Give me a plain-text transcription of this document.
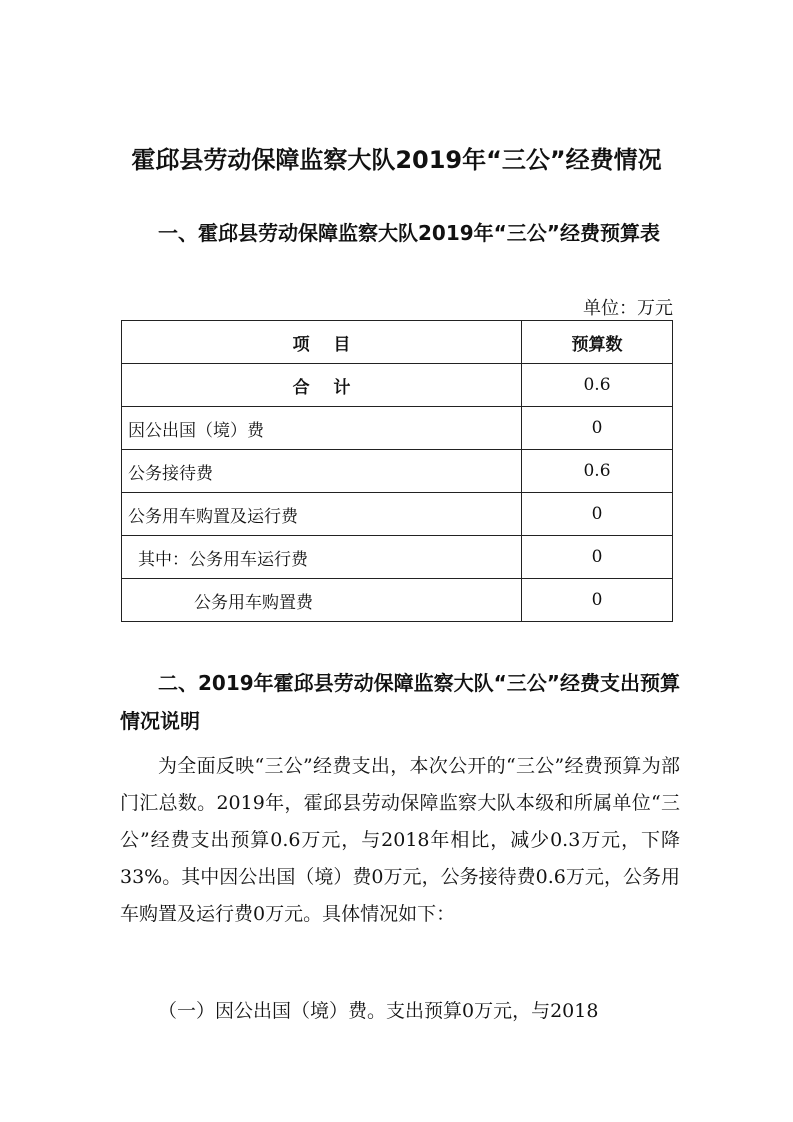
霍邱县劳动保障监察大队2019年“三公”经费情况
一、霍邱县劳动保障监察大队2019年“三公”经费预算表
单位：万元
项    目	预算数
合    计	0.6
因公出国（境）费	0
公务接待费	0.6
公务用车购置及运行费	0
其中：公务用车运行费	0
公务用车购置费	0
二、2019年霍邱县劳动保障监察大队“三公”经费支出预算情况说明
为全面反映“三公”经费支出，本次公开的“三公”经费预算为部门汇总数。2019年，霍邱县劳动保障监察大队本级和所属单位“三公”经费支出预算0.6万元，与2018年相比，减少0.3万元，下降33%。其中因公出国（境）费0万元，公务接待费0.6万元，公务用车购置及运行费0万元。具体情况如下：
（一）因公出国（境）费。支出预算0万元，与2018
